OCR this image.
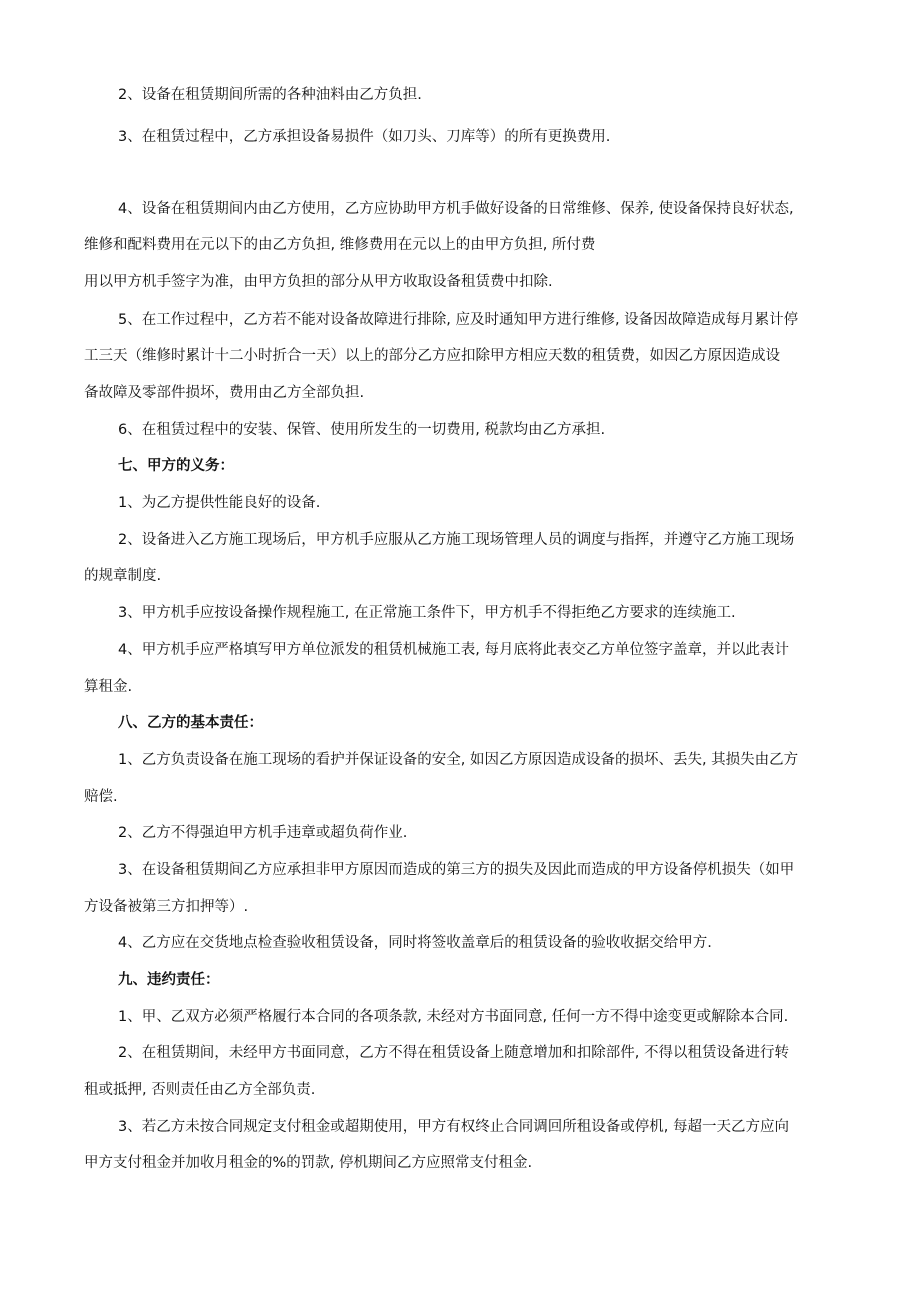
2、设备在租赁期间所需的各种油料由乙方负担.
3、在租赁过程中，乙方承担设备易损件（如刀头、刀库等）的所有更换费用.
4、设备在租赁期间内由乙方使用，乙方应协助甲方机手做好设备的日常维修、保养, 使设备保持良好状态,
维修和配料费用在元以下的由乙方负担, 维修费用在元以上的由甲方负担, 所付费
用以甲方机手签字为准，由甲方负担的部分从甲方收取设备租赁费中扣除.
5、在工作过程中，乙方若不能对设备故障进行排除, 应及时通知甲方进行维修, 设备因故障造成每月累计停
工三天（维修时累计十二小时折合一天）以上的部分乙方应扣除甲方相应天数的租赁费，如因乙方原因造成设
备故障及零部件损坏，费用由乙方全部负担.
6、在租赁过程中的安装、保管、使用所发生的一切费用, 税款均由乙方承担.
七、甲方的义务：
1、为乙方提供性能良好的设备.
2、设备进入乙方施工现场后，甲方机手应服从乙方施工现场管理人员的调度与指挥，并遵守乙方施工现场
的规章制度.
3、甲方机手应按设备操作规程施工, 在正常施工条件下，甲方机手不得拒绝乙方要求的连续施工.
4、甲方机手应严格填写甲方单位派发的租赁机械施工表, 每月底将此表交乙方单位签字盖章，并以此表计
算租金.
八、乙方的基本责任：
1、乙方负责设备在施工现场的看护并保证设备的安全, 如因乙方原因造成设备的损坏、丢失, 其损失由乙方
赔偿.
2、乙方不得强迫甲方机手违章或超负荷作业.
3、在设备租赁期间乙方应承担非甲方原因而造成的第三方的损失及因此而造成的甲方设备停机损失（如甲
方设备被第三方扣押等）.
4、乙方应在交货地点检查验收租赁设备，同时将签收盖章后的租赁设备的验收收据交给甲方.
九、违约责任：
1、甲、乙双方必须严格履行本合同的各项条款, 未经对方书面同意, 任何一方不得中途变更或解除本合同.
2、在租赁期间，未经甲方书面同意，乙方不得在租赁设备上随意增加和扣除部件, 不得以租赁设备进行转
租或抵押, 否则责任由乙方全部负责.
3、若乙方未按合同规定支付租金或超期使用，甲方有权终止合同调回所租设备或停机, 每超一天乙方应向
甲方支付租金并加收月租金的%的罚款, 停机期间乙方应照常支付租金.
